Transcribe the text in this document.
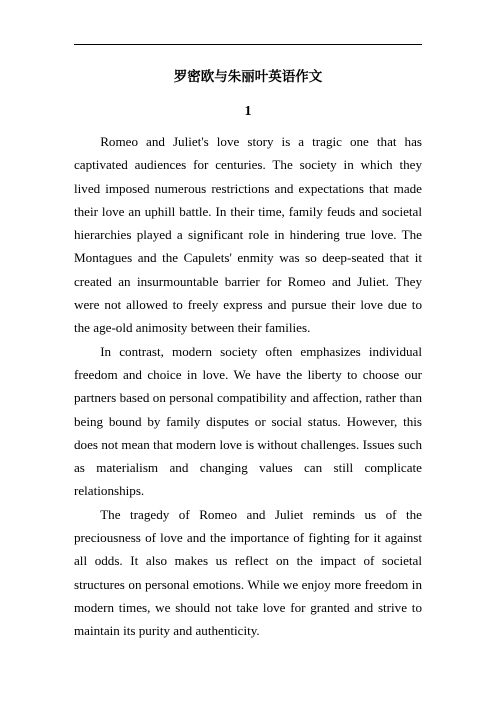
罗密欧与朱丽叶英语作文
1

Romeo and Juliet's love story is a tragic one that has captivated audiences for centuries. The society in which they lived imposed numerous restrictions and expectations that made their love an uphill battle. In their time, family feuds and societal hierarchies played a significant role in hindering true love. The Montagues and the Capulets' enmity was so deep-seated that it created an insurmountable barrier for Romeo and Juliet. They were not allowed to freely express and pursue their love due to the age-old animosity between their families.

In contrast, modern society often emphasizes individual freedom and choice in love. We have the liberty to choose our partners based on personal compatibility and affection, rather than being bound by family disputes or social status. However, this does not mean that modern love is without challenges. Issues such as materialism and changing values can still complicate relationships.

The tragedy of Romeo and Juliet reminds us of the preciousness of love and the importance of fighting for it against all odds. It also makes us reflect on the impact of societal structures on personal emotions. While we enjoy more freedom in modern times, we should not take love for granted and strive to maintain its purity and authenticity.
